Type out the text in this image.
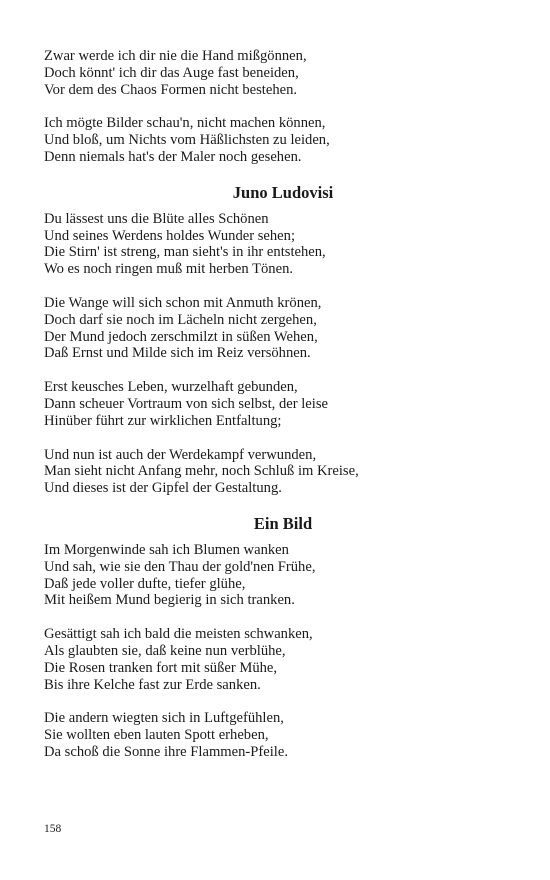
Zwar werde ich dir nie die Hand mißgönnen,
Doch könnt' ich dir das Auge fast beneiden,
Vor dem des Chaos Formen nicht bestehen.
Ich mögte Bilder schau'n, nicht machen können,
Und bloß, um Nichts vom Häßlichsten zu leiden,
Denn niemals hat's der Maler noch gesehen.
Juno Ludovisi
Du lässest uns die Blüte alles Schönen
Und seines Werdens holdes Wunder sehen;
Die Stirn' ist streng, man sieht's in ihr entstehen,
Wo es noch ringen muß mit herben Tönen.
Die Wange will sich schon mit Anmuth krönen,
Doch darf sie noch im Lächeln nicht zergehen,
Der Mund jedoch zerschmilzt in süßen Wehen,
Daß Ernst und Milde sich im Reiz versöhnen.
Erst keusches Leben, wurzelhaft gebunden,
Dann scheuer Vortraum von sich selbst, der leise
Hinüber führt zur wirklichen Entfaltung;
Und nun ist auch der Werdekampf verwunden,
Man sieht nicht Anfang mehr, noch Schluß im Kreise,
Und dieses ist der Gipfel der Gestaltung.
Ein Bild
Im Morgenwinde sah ich Blumen wanken
Und sah, wie sie den Thau der gold'nen Frühe,
Daß jede voller dufte, tiefer glühe,
Mit heißem Mund begierig in sich tranken.
Gesättigt sah ich bald die meisten schwanken,
Als glaubten sie, daß keine nun verblühe,
Die Rosen tranken fort mit süßer Mühe,
Bis ihre Kelche fast zur Erde sanken.
Die andern wiegten sich in Luftgefühlen,
Sie wollten eben lauten Spott erheben,
Da schoß die Sonne ihre Flammen-Pfeile.
158
